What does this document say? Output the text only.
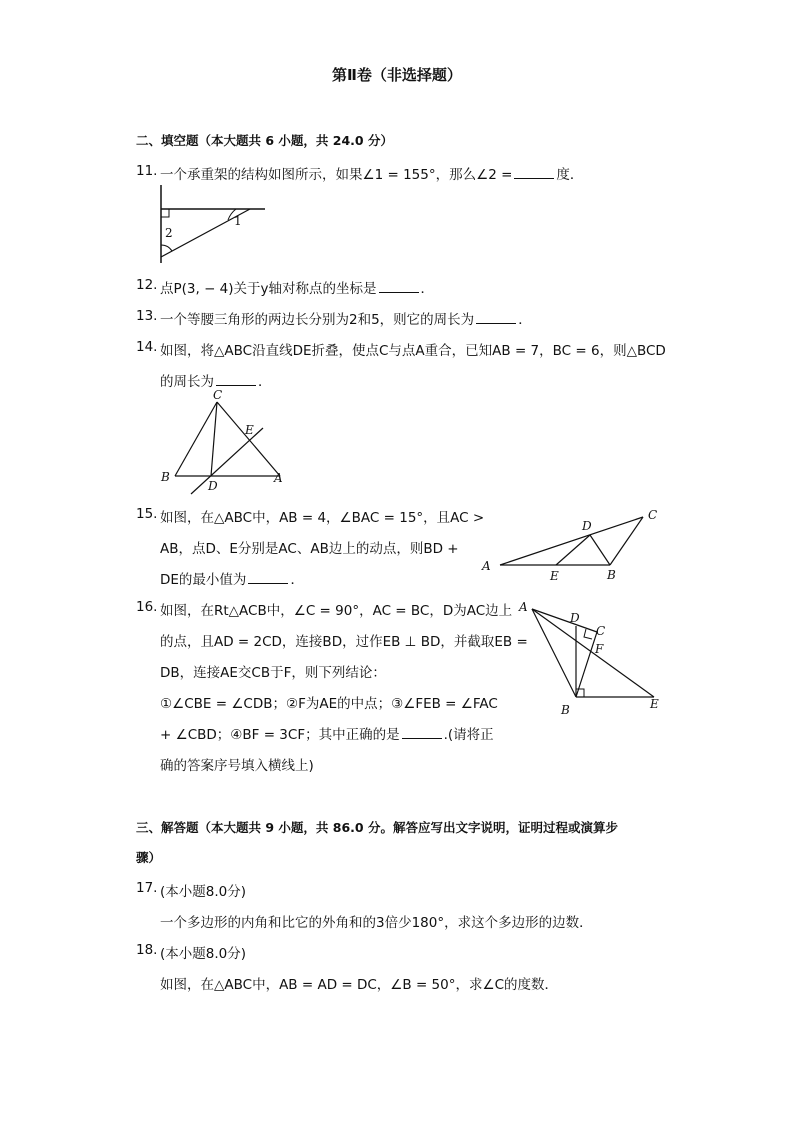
第Ⅱ卷（非选择题）
二、填空题（本大题共 6 小题，共 24.0 分）
11. 一个承重架的结构如图所示，如果∠1 = 155°，那么∠2 =	度．
1
2
12. 点P(3, − 4)关于y轴对称点的坐标是	．
13. 一个等腰三角形的两边长分别为2和5，则它的周长为	．
14. 如图，将△ABC沿直线DE折叠，使点C与点A重合，已知AB = 7，BC = 6，则△BCD
的周长为	．
C
E
B
D
A
15. 如图，在△ABC中，AB = 4，∠BAC = 15°，且AC >
AB，点D、E分别是AC、AB边上的动点，则BD +
DE的最小值为	．
D
C
A
E	B
16. 如图，在Rt△ACB中，∠C = 90°，AC = BC，D为AC边上
的点，且AD = 2CD，连接BD，过作EB ⊥ BD，并截取EB =
DB，连接AE交CB于F，则下列结论：
①∠CBE = ∠CDB；②F为AE的中点；③∠FEB = ∠FAC
+ ∠CBD；④BF = 3CF；其中正确的是	.(请将正
确的答案序号填入横线上)
A
D
C
F
B	E
三、解答题（本大题共 9 小题，共 86.0 分。解答应写出文字说明，证明过程或演算步
骤）
17. (本小题8.0分)
一个多边形的内角和比它的外角和的3倍少180°，求这个多边形的边数．
18. (本小题8.0分)
如图，在△ABC中，AB = AD = DC，∠B = 50°，求∠C的度数．
